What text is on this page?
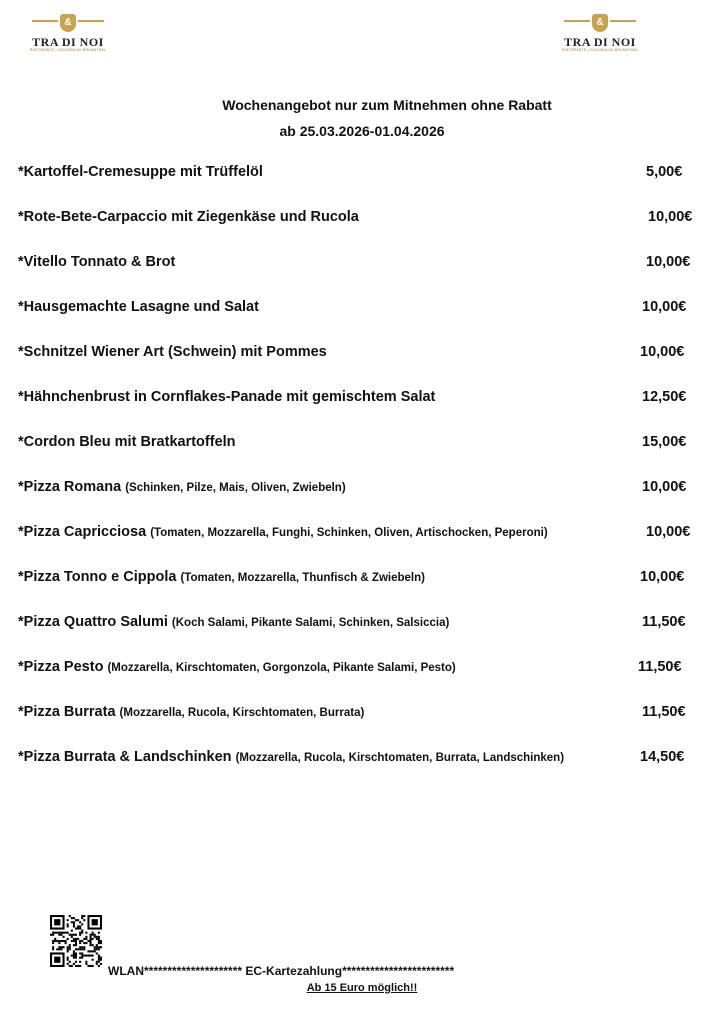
&
TRA DI NOI
RISTORANTE • GOLDENLOK BRUNNTHAL
&
TRA DI NOI
RISTORANTE • GOLDENLOK BRUNNTHAL
Wochenangebot nur zum Mitnehmen ohne Rabatt
ab 25.03.2026-01.04.2026
*Kartoffel-Cremesuppe mit Trüffelöl	5,00€
*Rote-Bete-Carpaccio mit Ziegenkäse und Rucola	10,00€
*Vitello Tonnato & Brot	10,00€
*Hausgemachte Lasagne und Salat	10,00€
*Schnitzel Wiener Art (Schwein) mit Pommes	10,00€
*Hähnchenbrust in Cornflakes-Panade mit gemischtem Salat	12,50€
*Cordon Bleu mit Bratkartoffeln	15,00€
*Pizza Romana (Schinken, Pilze, Mais, Oliven, Zwiebeln)	10,00€
*Pizza Capricciosa (Tomaten, Mozzarella, Funghi, Schinken, Oliven, Artischocken, Peperoni)	10,00€
*Pizza Tonno e Cippola (Tomaten, Mozzarella, Thunfisch & Zwiebeln)	10,00€
*Pizza Quattro Salumi (Koch Salami, Pikante Salami, Schinken, Salsiccia)	11,50€
*Pizza Pesto (Mozzarella, Kirschtomaten, Gorgonzola, Pikante Salami, Pesto)	11,50€
*Pizza Burrata (Mozzarella, Rucola, Kirschtomaten, Burrata)	11,50€
*Pizza Burrata & Landschinken (Mozzarella, Rucola, Kirschtomaten, Burrata, Landschinken)	14,50€
WLAN********************* EC-Kartezahlung************************
Ab 15 Euro möglich!!
